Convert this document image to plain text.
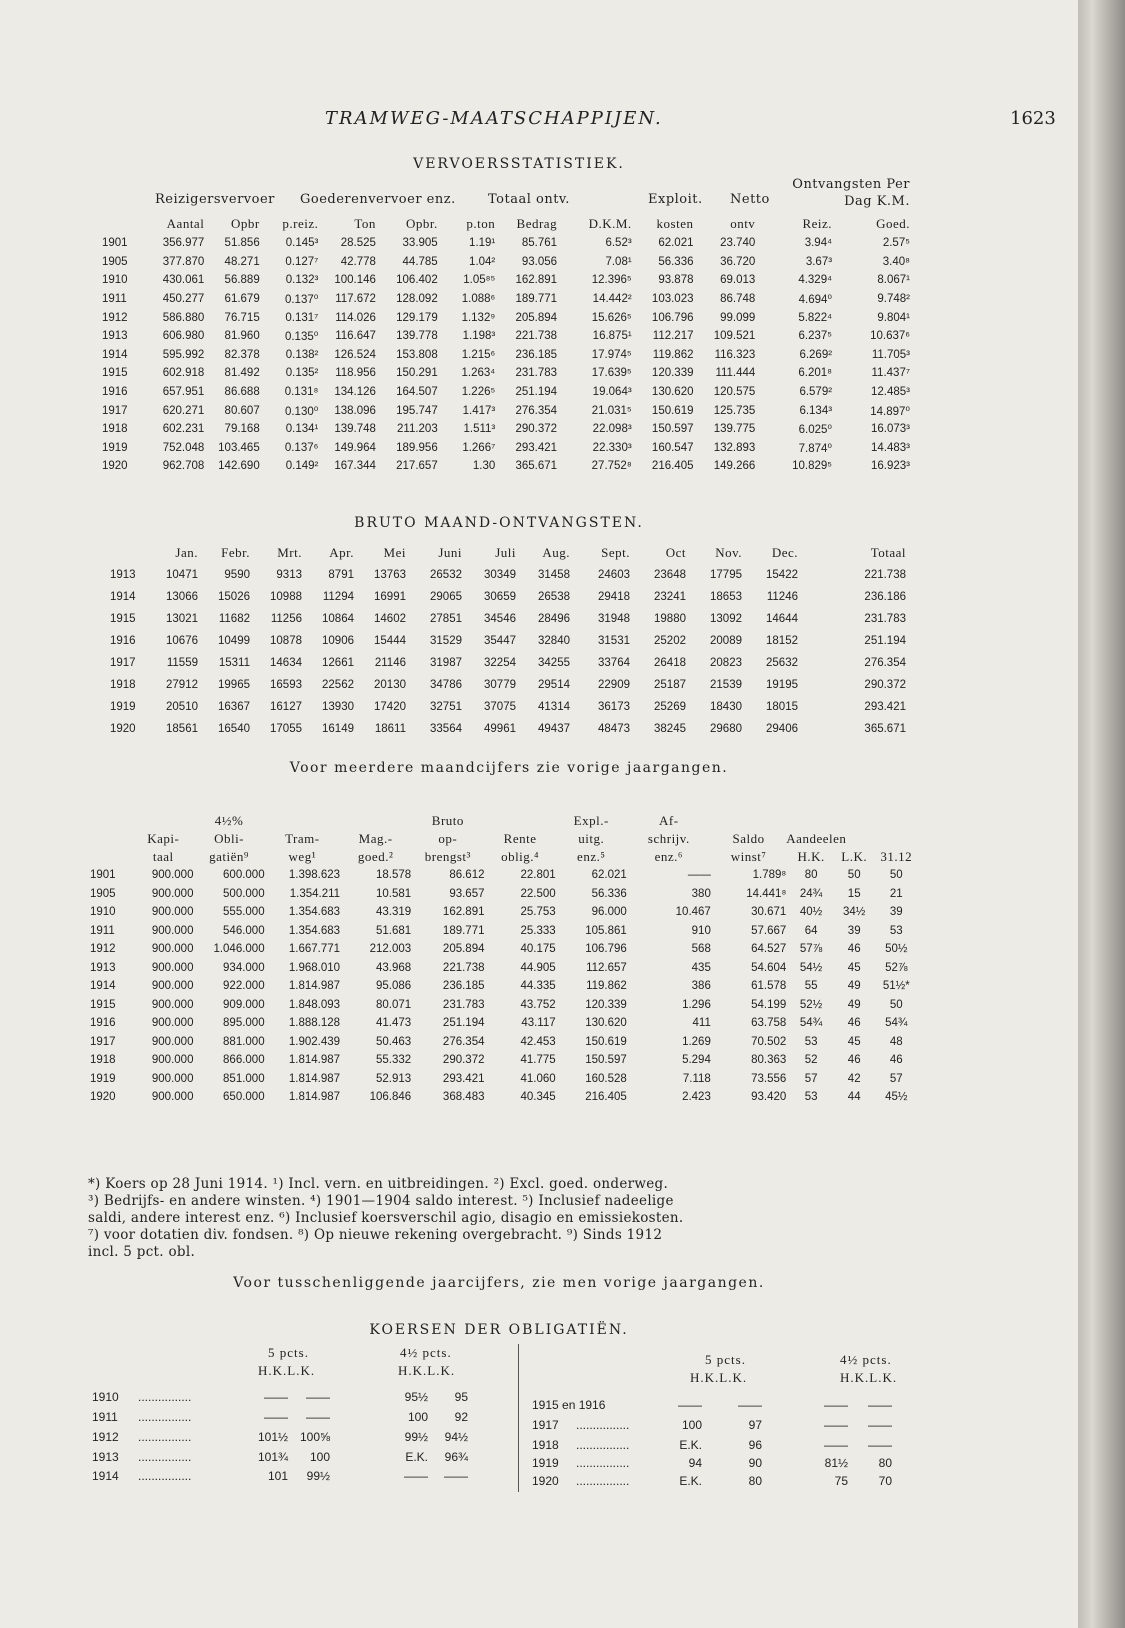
TRAMWEG-MAATSCHAPPIJEN.	1623
VERVOERSSTATISTIEK.
Reizigersvervoer Goederenvervoer enz. Totaal ontv.	Exploit. Netto
Ontvangsten Per Dag K.M.
	Aantal	Opbr	p.reiz.	Ton	Opbr.	p.ton	Bedrag	D.K.M.	kosten	ontv	Reiz.	Goed.
1901	356.977	51.856	0.145³	28.525	33.905	1.19¹	85.761	6.52³	62.021	23.740	3.94⁴	2.57⁵
1905	377.870	48.271	0.127⁷	42.778	44.785	1.04²	93.056	7.08¹	56.336	36.720	3.67³	3.40⁸
1910	430.061	56.889	0.132³	100.146	106.402	1.05⁸⁵	162.891	12.396⁵	93.878	69.013	4.329⁴	8.067¹
1911	450.277	61.679	0.137⁰	117.672	128.092	1.088⁶	189.771	14.442²	103.023	86.748	4.694⁰	9.748²
1912	586.880	76.715	0.131⁷	114.026	129.179	1.132⁹	205.894	15.626⁵	106.796	99.099	5.822⁴	9.804¹
1913	606.980	81.960	0.135⁰	116.647	139.778	1.198³	221.738	16.875¹	112.217	109.521	6.237⁵	10.637⁶
1914	595.992	82.378	0.138²	126.524	153.808	1.215⁶	236.185	17.974⁵	119.862	116.323	6.269²	11.705³
1915	602.918	81.492	0.135²	118.956	150.291	1.263⁴	231.783	17.639⁵	120.339	111.444	6.201⁸	11.437⁷
1916	657.951	86.688	0.131⁸	134.126	164.507	1.226⁵	251.194	19.064³	130.620	120.575	6.579²	12.485³
1917	620.271	80.607	0.130⁰	138.096	195.747	1.417³	276.354	21.031⁵	150.619	125.735	6.134³	14.897⁰
1918	602.231	79.168	0.134¹	139.748	211.203	1.511³	290.372	22.098³	150.597	139.775	6.025⁰	16.073³
1919	752.048	103.465	0.137⁶	149.964	189.956	1.266⁷	293.421	22.330³	160.547	132.893	7.874⁰	14.483³
1920	962.708	142.690	0.149²	167.344	217.657	1.30	365.671	27.752⁸	216.405	149.266	10.829⁵	16.923³
BRUTO MAAND-ONTVANGSTEN.
	Jan.	Febr.	Mrt.	Apr.	Mei	Juni	Juli	Aug.	Sept.	Oct	Nov.	Dec.	Totaal
1913	10471	9590	9313	8791	13763	26532	30349	31458	24603	23648	17795	15422	221.738
1914	13066	15026	10988	11294	16991	29065	30659	26538	29418	23241	18653	11246	236.186
1915	13021	11682	11256	10864	14602	27851	34546	28496	31948	19880	13092	14644	231.783
1916	10676	10499	10878	10906	15444	31529	35447	32840	31531	25202	20089	18152	251.194
1917	11559	15311	14634	12661	21146	31987	32254	34255	33764	26418	20823	25632	276.354
1918	27912	19965	16593	22562	20130	34786	30779	29514	22909	25187	21539	19195	290.372
1919	20510	16367	16127	13930	17420	32751	37075	41314	36173	25269	18430	18015	293.421
1920	18561	16540	17055	16149	18611	33564	49961	49437	48473	38245	29680	29406	365.671
Voor meerdere maandcijfers zie vorige jaargangen.
		4½%			Bruto		Expl.-	Af-				
	Kapi-	Obli-	Tram-	Mag.-	op-	Rente	uitg.	schrijv.	Saldo	Aandeelen		
	taal	gatiën⁹	weg¹	goed.²	brengst³	oblig.⁴	enz.⁵	enz.⁶	winst⁷	H.K.	L.K.	31.12
1901	900.000	600.000	1.398.623	18.578	86.612	22.801	62.021	——	1.789⁸	80	50	50
1905	900.000	500.000	1.354.211	10.581	93.657	22.500	56.336	380	14.441⁸	24¾	15	21
1910	900.000	555.000	1.354.683	43.319	162.891	25.753	96.000	10.467	30.671	40½	34½	39
1911	900.000	546.000	1.354.683	51.681	189.771	25.333	105.861	910	57.667	64	39	53
1912	900.000	1.046.000	1.667.771	212.003	205.894	40.175	106.796	568	64.527	57⅞	46	50½
1913	900.000	934.000	1.968.010	43.968	221.738	44.905	112.657	435	54.604	54½	45	52⅞
1914	900.000	922.000	1.814.987	95.086	236.185	44.335	119.862	386	61.578	55	49	51½*
1915	900.000	909.000	1.848.093	80.071	231.783	43.752	120.339	1.296	54.199	52½	49	50
1916	900.000	895.000	1.888.128	41.473	251.194	43.117	130.620	411	63.758	54¾	46	54¾
1917	900.000	881.000	1.902.439	50.463	276.354	42.453	150.619	1.269	70.502	53	45	48
1918	900.000	866.000	1.814.987	55.332	290.372	41.775	150.597	5.294	80.363	52	46	46
1919	900.000	851.000	1.814.987	52.913	293.421	41.060	160.528	7.118	73.556	57	42	57
1920	900.000	650.000	1.814.987	106.846	368.483	40.345	216.405	2.423	93.420	53	44	45½
*) Koers op 28 Juni 1914. ¹) Incl. vern. en uitbreidingen. ²) Excl. goed. onderweg.
³) Bedrijfs- en andere winsten. ⁴) 1901—1904 saldo interest. ⁵) Inclusief nadeelige
saldi, andere interest enz. ⁶) Inclusief koersverschil agio, disagio en emissiekosten.
⁷) voor dotatien div. fondsen. ⁸) Op nieuwe rekening overgebracht. ⁹) Sinds 1912
incl. 5 pct. obl.
Voor tusschenliggende jaarcijfers, zie men vorige jaargangen.
KOERSEN DER OBLIGATIËN.
5 pcts.
H.K.L.K.
4½ pcts.
H.K.L.K.
5 pcts.
H.K.L.K.
4½ pcts.
H.K.L.K.
1910 ................	——	——	95½	95
1911 ................	——	——	100	92
1912 ................	101½ 100⅝	99½	94½
1913 ................	101¾	100	E.K.	96¾
1914 ................	101	99½	——	——
1915 en 1916	——	——	——	——
1917 ................	100	97	——	——
1918 ................	E.K.	96	——	——
1919 ................	94	90	81½	80
1920 ................	E.K.	80	75	70
